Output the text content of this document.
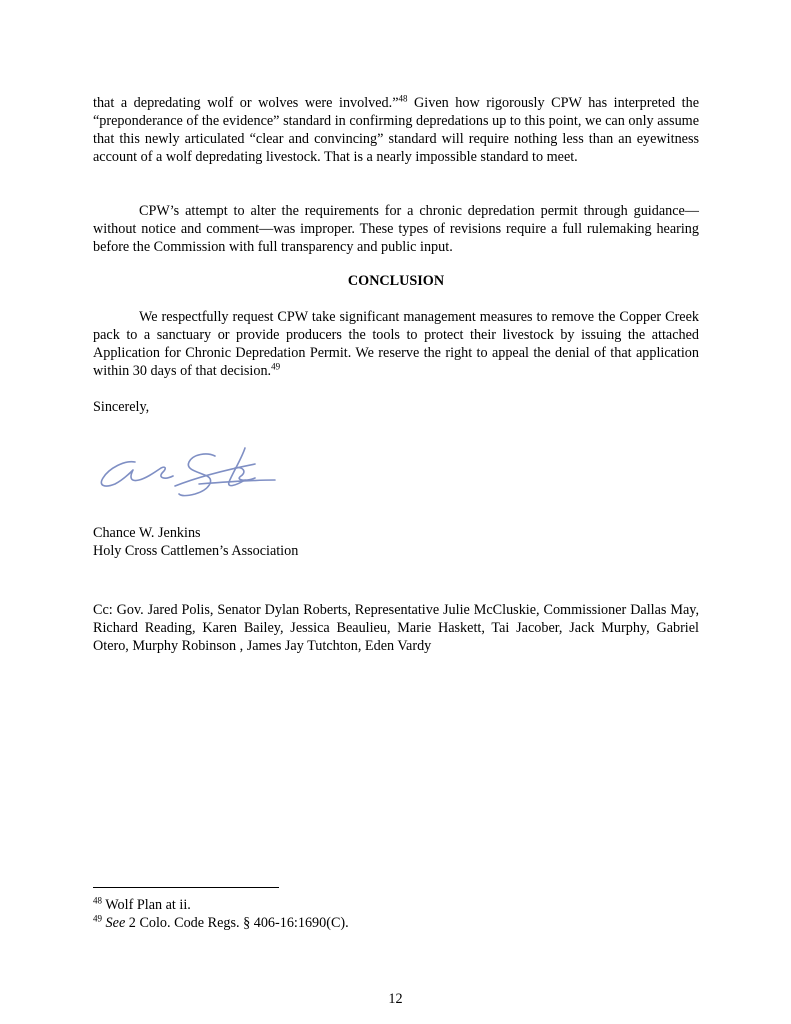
that a depredating wolf or wolves were involved.”$^{48}$ Given how rigorously CPW has interpreted the “preponderance of the evidence” standard in confirming depredations up to this point, we can only assume that this newly articulated “clear and convincing” standard will require nothing less than an eyewitness account of a wolf depredating livestock. That is a nearly impossible standard to meet.

CPW’s attempt to alter the requirements for a chronic depredation permit through guidance—without notice and comment—was improper. These types of revisions require a full rulemaking hearing before the Commission with full transparency and public input.

CONCLUSION

We respectfully request CPW take significant management measures to remove the Copper Creek pack to a sanctuary or provide producers the tools to protect their livestock by issuing the attached Application for Chronic Depredation Permit. We reserve the right to appeal the denial of that application within 30 days of that decision.$^{49}$

Sincerely,

Chance W. Jenkins

Holy Cross Cattlemen’s Association

Cc: Gov. Jared Polis, Senator Dylan Roberts, Representative Julie McCluskie, Commissioner Dallas May, Richard Reading, Karen Bailey, Jessica Beaulieu, Marie Haskett, Tai Jacober, Jack Murphy, Gabriel Otero, Murphy Robinson , James Jay Tutchton, Eden Vardy

$^{48}$ Wolf Plan at ii.

$^{49}$ See 2 Colo. Code Regs. § 406-16:1690(C).

12
